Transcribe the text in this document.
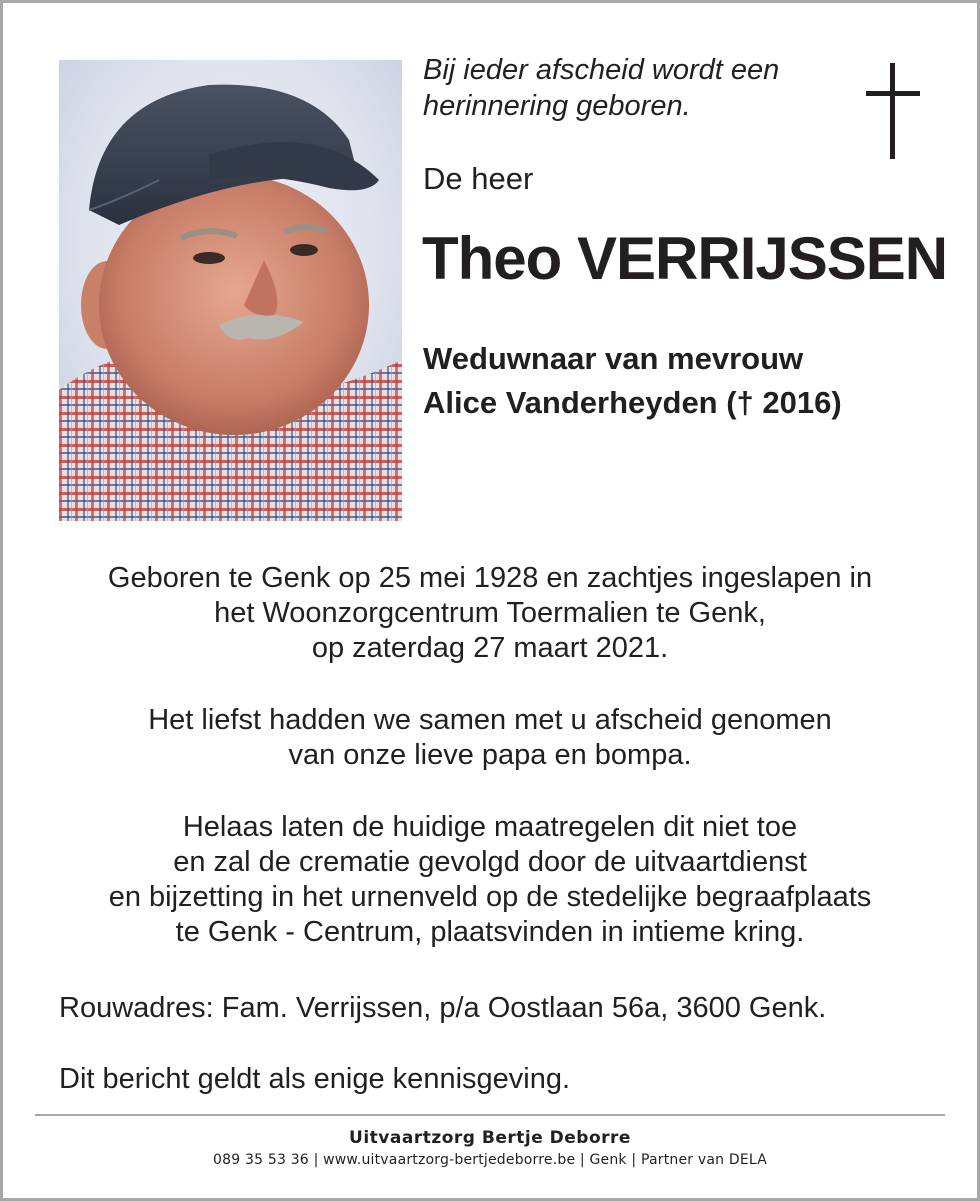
Bij ieder afscheid wordt een
herinnering geboren.

De heer
Theo VERRIJSSEN
Weduwnaar van mevrouw
Alice Vanderheyden († 2016)
Geboren te Genk op 25 mei 1928 en zachtjes ingeslapen in
het Woonzorgcentrum Toermalien te Genk,
op zaterdag 27 maart 2021.
Het liefst hadden we samen met u afscheid genomen
van onze lieve papa en bompa.
Helaas laten de huidige maatregelen dit niet toe
en zal de crematie gevolgd door de uitvaartdienst
en bijzetting in het urnenveld op de stedelijke begraafplaats
te Genk - Centrum, plaatsvinden in intieme kring.
Rouwadres: Fam. Verrijssen, p/a Oostlaan 56a, 3600 Genk.
Dit bericht geldt als enige kennisgeving.
Uitvaartzorg Bertje Deborre
089 35 53 36 | www.uitvaartzorg-bertjedeborre.be | Genk | Partner van DELA
